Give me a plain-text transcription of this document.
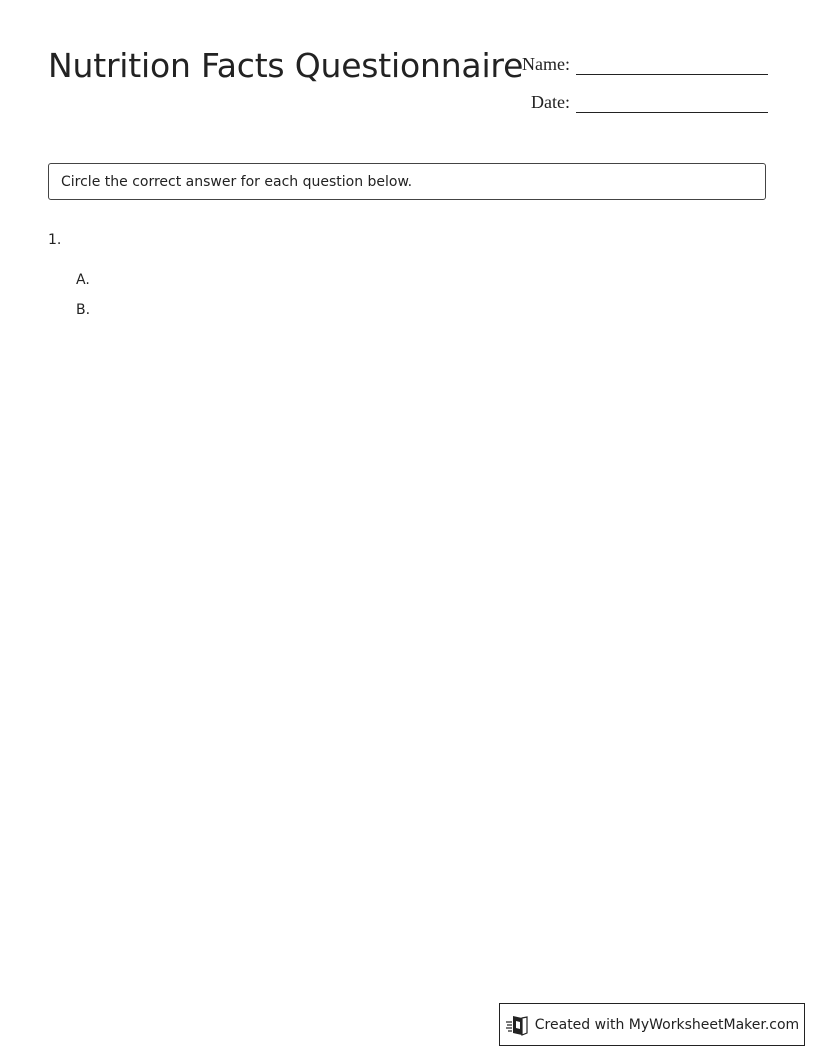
Nutrition Facts Questionnaire
Name:
Date:
Circle the correct answer for each question below.
1.
A.
B.
Created with MyWorksheetMaker.com
